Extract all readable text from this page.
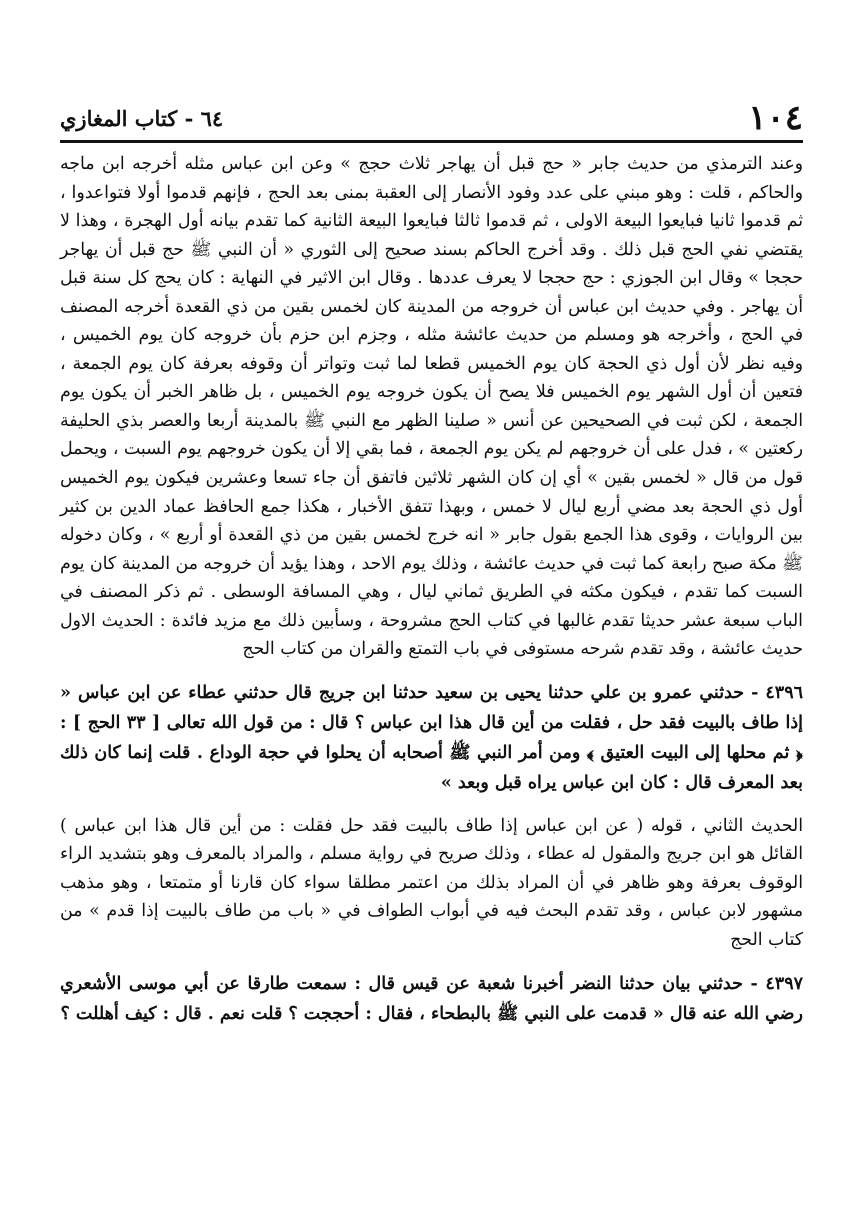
١٠٤
٦٤ - كتاب المغازي

وعند الترمذي من حديث جابر « حج قبل أن يهاجر ثلاث حجج » وعن ابن عباس مثله أخرجه ابن ماجه والحاكم ، قلت : وهو مبني على عدد وفود الأنصار إلى العقبة بمنى بعد الحج ، فإنهم قدموا أولا فتواعدوا ، ثم قدموا ثانيا فبايعوا البيعة الاولى ، ثم قدموا ثالثا فبايعوا البيعة الثانية كما تقدم بيانه أول الهجرة ، وهذا لا يقتضي نفي الحج قبل ذلك . وقد أخرج الحاكم بسند صحيح إلى الثوري « أن النبي ﷺ حج قبل أن يهاجر حججا » وقال ابن الجوزي : حج حججا لا يعرف عددها . وقال ابن الاثير في النهاية : كان يحج كل سنة قبل أن يهاجر . وفي حديث ابن عباس أن خروجه من المدينة كان لخمس بقين من ذي القعدة أخرجه المصنف في الحج ، وأخرجه هو ومسلم من حديث عائشة مثله ، وجزم ابن حزم بأن خروجه كان يوم الخميس ، وفيه نظر لأن أول ذي الحجة كان يوم الخميس قطعا لما ثبت وتواتر أن وقوفه بعرفة كان يوم الجمعة ، فتعين أن أول الشهر يوم الخميس فلا يصح أن يكون خروجه يوم الخميس ، بل ظاهر الخبر أن يكون يوم الجمعة ، لكن ثبت في الصحيحين عن أنس « صلينا الظهر مع النبي ﷺ بالمدينة أربعا والعصر بذي الحليفة ركعتين » ، فدل على أن خروجهم لم يكن يوم الجمعة ، فما بقي إلا أن يكون خروجهم يوم السبت ، ويحمل قول من قال « لخمس بقين » أي إن كان الشهر ثلاثين فاتفق أن جاء تسعا وعشرين فيكون يوم الخميس أول ذي الحجة بعد مضي أربع ليال لا خمس ، وبهذا تتفق الأخبار ، هكذا جمع الحافظ عماد الدين بن كثير بين الروايات ، وقوى هذا الجمع بقول جابر « انه خرج لخمس بقين من ذي القعدة أو أربع » ، وكان دخوله ﷺ مكة صبح رابعة كما ثبت في حديث عائشة ، وذلك يوم الاحد ، وهذا يؤيد أن خروجه من المدينة كان يوم السبت كما تقدم ، فيكون مكثه في الطريق ثماني ليال ، وهي المسافة الوسطى . ثم ذكر المصنف في الباب سبعة عشر حديثا تقدم غالبها في كتاب الحج مشروحة ، وسأبين ذلك مع مزيد فائدة : الحديث الاول حديث عائشة ، وقد تقدم شرحه مستوفى في باب التمتع والقران من كتاب الحج

٤٣٩٦ - حدثني عمرو بن علي حدثنا يحيى بن سعيد حدثنا ابن جريج قال حدثني عطاء عن ابن عباس « إذا طاف بالبيت فقد حل ، فقلت من أين قال هذا ابن عباس ؟ قال : من قول الله تعالى [ ٣٣ الحج ] : ﴿ ثم محلها إلى البيت العتيق ﴾ ومن أمر النبي ﷺ أصحابه أن يحلوا في حجة الوداع . قلت إنما كان ذلك بعد المعرف قال : كان ابن عباس يراه قبل وبعد »

الحديث الثاني ، قوله ( عن ابن عباس إذا طاف بالبيت فقد حل فقلت : من أين قال هذا ابن عباس ) القائل هو ابن جريج والمقول له عطاء ، وذلك صريح في رواية مسلم ، والمراد بالمعرف وهو بتشديد الراء الوقوف بعرفة وهو ظاهر في أن المراد بذلك من اعتمر مطلقا سواء كان قارنا أو متمتعا ، وهو مذهب مشهور لابن عباس ، وقد تقدم البحث فيه في أبواب الطواف في « باب من طاف بالبيت إذا قدم » من كتاب الحج

٤٣٩٧ - حدثني بيان حدثنا النضر أخبرنا شعبة عن قيس قال : سمعت طارقا عن أبي موسى الأشعري رضي الله عنه قال « قدمت على النبي ﷺ بالبطحاء ، فقال : أحججت ؟ قلت نعم . قال : كيف أهللت ؟
